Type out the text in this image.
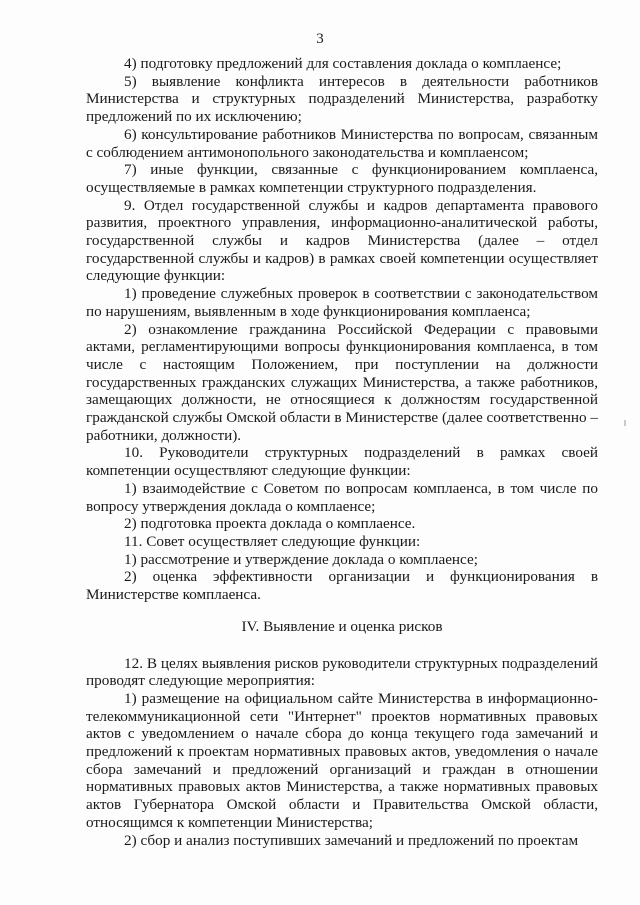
3

4) подготовку предложений для составления доклада о комплаенсе;

5) выявление конфликта интересов в деятельности работников Министерства и структурных подразделений Министерства, разработку предложений по их исключению;

6) консультирование работников Министерства по вопросам, связанным с соблюдением антимонопольного законодательства и комплаенсом;

7) иные функции, связанные с функционированием комплаенса, осуществляемые в рамках компетенции структурного подразделения.

9. Отдел государственной службы и кадров департамента правового развития, проектного управления, информационно-аналитической работы, государственной службы и кадров Министерства (далее – отдел государственной службы и кадров) в рамках своей компетенции осуществляет следующие функции:

1) проведение служебных проверок в соответствии с законодательством по нарушениям, выявленным в ходе функционирования комплаенса;

2) ознакомление гражданина Российской Федерации с правовыми актами, регламентирующими вопросы функционирования комплаенса, в том числе с настоящим Положением, при поступлении на должности государственных гражданских служащих Министерства, а также работников, замещающих должности, не относящиеся к должностям государственной гражданской службы Омской области в Министерстве (далее соответственно – работники, должности).

10. Руководители структурных подразделений в рамках своей компетенции осуществляют следующие функции:

1) взаимодействие с Советом по вопросам комплаенса, в том числе по вопросу утверждения доклада о комплаенсе;

2) подготовка проекта доклада о комплаенсе.

11. Совет осуществляет следующие функции:

1) рассмотрение и утверждение доклада о комплаенсе;

2) оценка эффективности организации и функционирования в Министерстве комплаенса.

IV. Выявление и оценка рисков

12. В целях выявления рисков руководители структурных подразделений проводят следующие мероприятия:

1) размещение на официальном сайте Министерства в информационно-телекоммуникационной сети "Интернет" проектов нормативных правовых актов с уведомлением о начале сбора до конца текущего года замечаний и предложений к проектам нормативных правовых актов, уведомления о начале сбора замечаний и предложений организаций и граждан в отношении нормативных правовых актов Министерства, а также нормативных правовых актов Губернатора Омской области и Правительства Омской области, относящимся к компетенции Министерства;

2) сбор и анализ поступивших замечаний и предложений по проектам
